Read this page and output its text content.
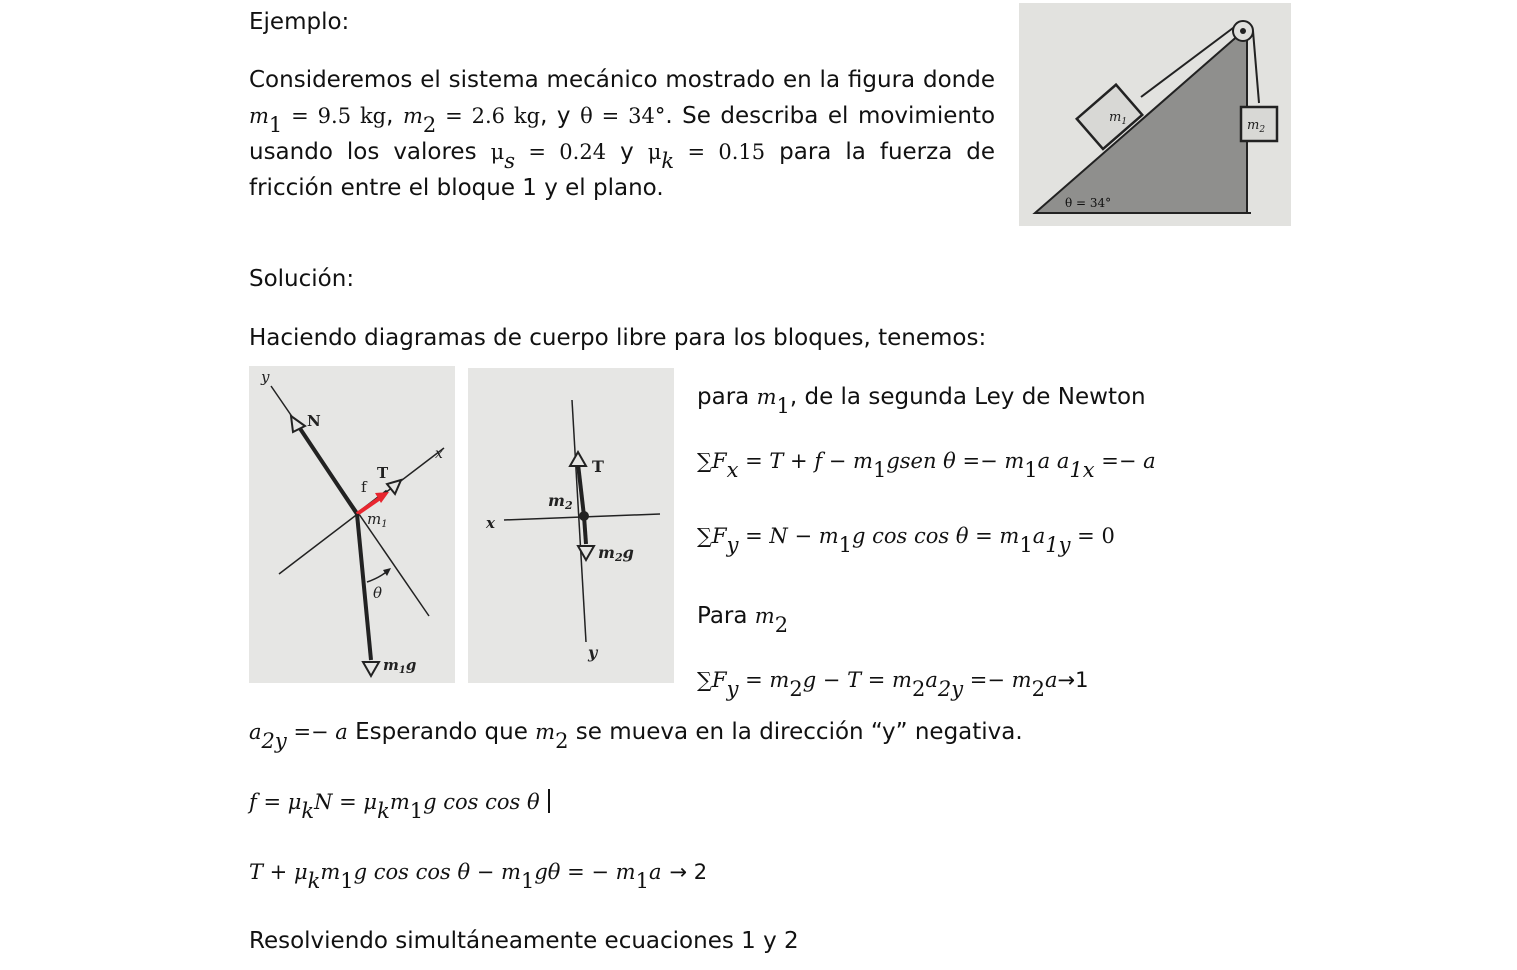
Ejemplo:
Consideremos el sistema mecánico mostrado en la figura donde $m_1 = 9.5$ kg, $m_2 = 2.6$ kg, y θ = 34°. Se describa el movimiento usando los valores $\mu_s = 0.24$ y $\mu_k = 0.15$ para la fuerza de fricción entre el bloque 1 y el plano.
$m_1$	$m_2$
θ = 34°
Solución:
Haciendo diagramas de cuerpo libre para los bloques, tenemos:
y
N
x
T
f
$m_1$
θ
$m_1g$
T
m2
x
m2g
y
para $m_1$, de la segunda Ley de Newton
$\sum F_x = T + f$ − $m_1gsen$ $\theta =- m_1a$ $a_{1x} =- a$
$\sum F_y = N - m_1g$ $\cos \cos \theta = m_1a_{1y} = 0$
Para $m_2$
$\sum F_y = m_2g - T = m_2a_{2y} =- m_2a\to 1$
$a_{2y} =- a$ Esperando que $m_2$ se mueva en la dirección “y” negativa.
$f = \mu_kN = \mu_km_1g$ cos cos θ
$T + \mu_km_1g$ $\cos \cos \theta - m_1g\theta$ = − $m_1a \to 2$
Resolviendo simultáneamente ecuaciones 1 y 2
